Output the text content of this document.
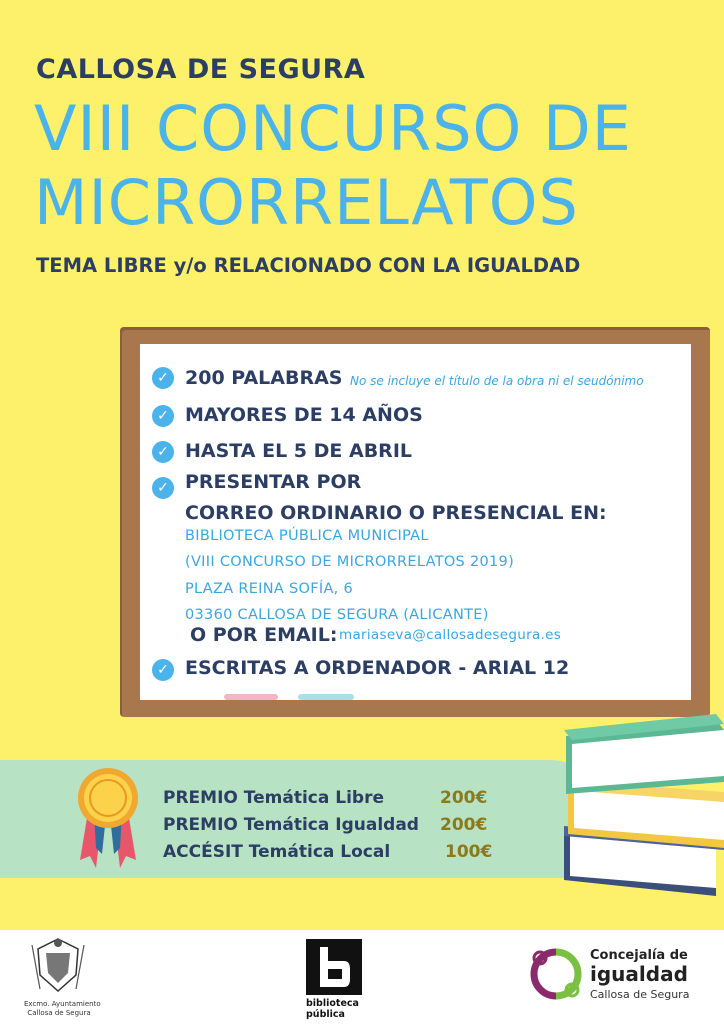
CALLOSA DE SEGURA
VIII CONCURSO DE
MICRORRELATOS
TEMA LIBRE y/o RELACIONADO CON LA IGUALDAD
✓ 200 PALABRAS No se incluye el título de la obra ni el seudónimo
✓ MAYORES DE 14 AÑOS
✓ HASTA EL 5 DE ABRIL
✓ PRESENTAR POR
CORREO ORDINARIO O PRESENCIAL EN:
BIBLIOTECA PÚBLICA MUNICIPAL
(VIII CONCURSO DE MICRORRELATOS 2019)
PLAZA REINA SOFÍA, 6
03360 CALLOSA DE SEGURA (ALICANTE)
O POR EMAIL: mariaseva@callosadesegura.es
✓ ESCRITAS A ORDENADOR - ARIAL 12
PREMIO Temática Libre	200€
PREMIO Temática Igualdad 200€
ACCÉSIT Temática Local	100€
Excmo. Ayuntamiento
Callosa de Segura
biblioteca
pública
Concejalía de
igualdad
Callosa de Segura
